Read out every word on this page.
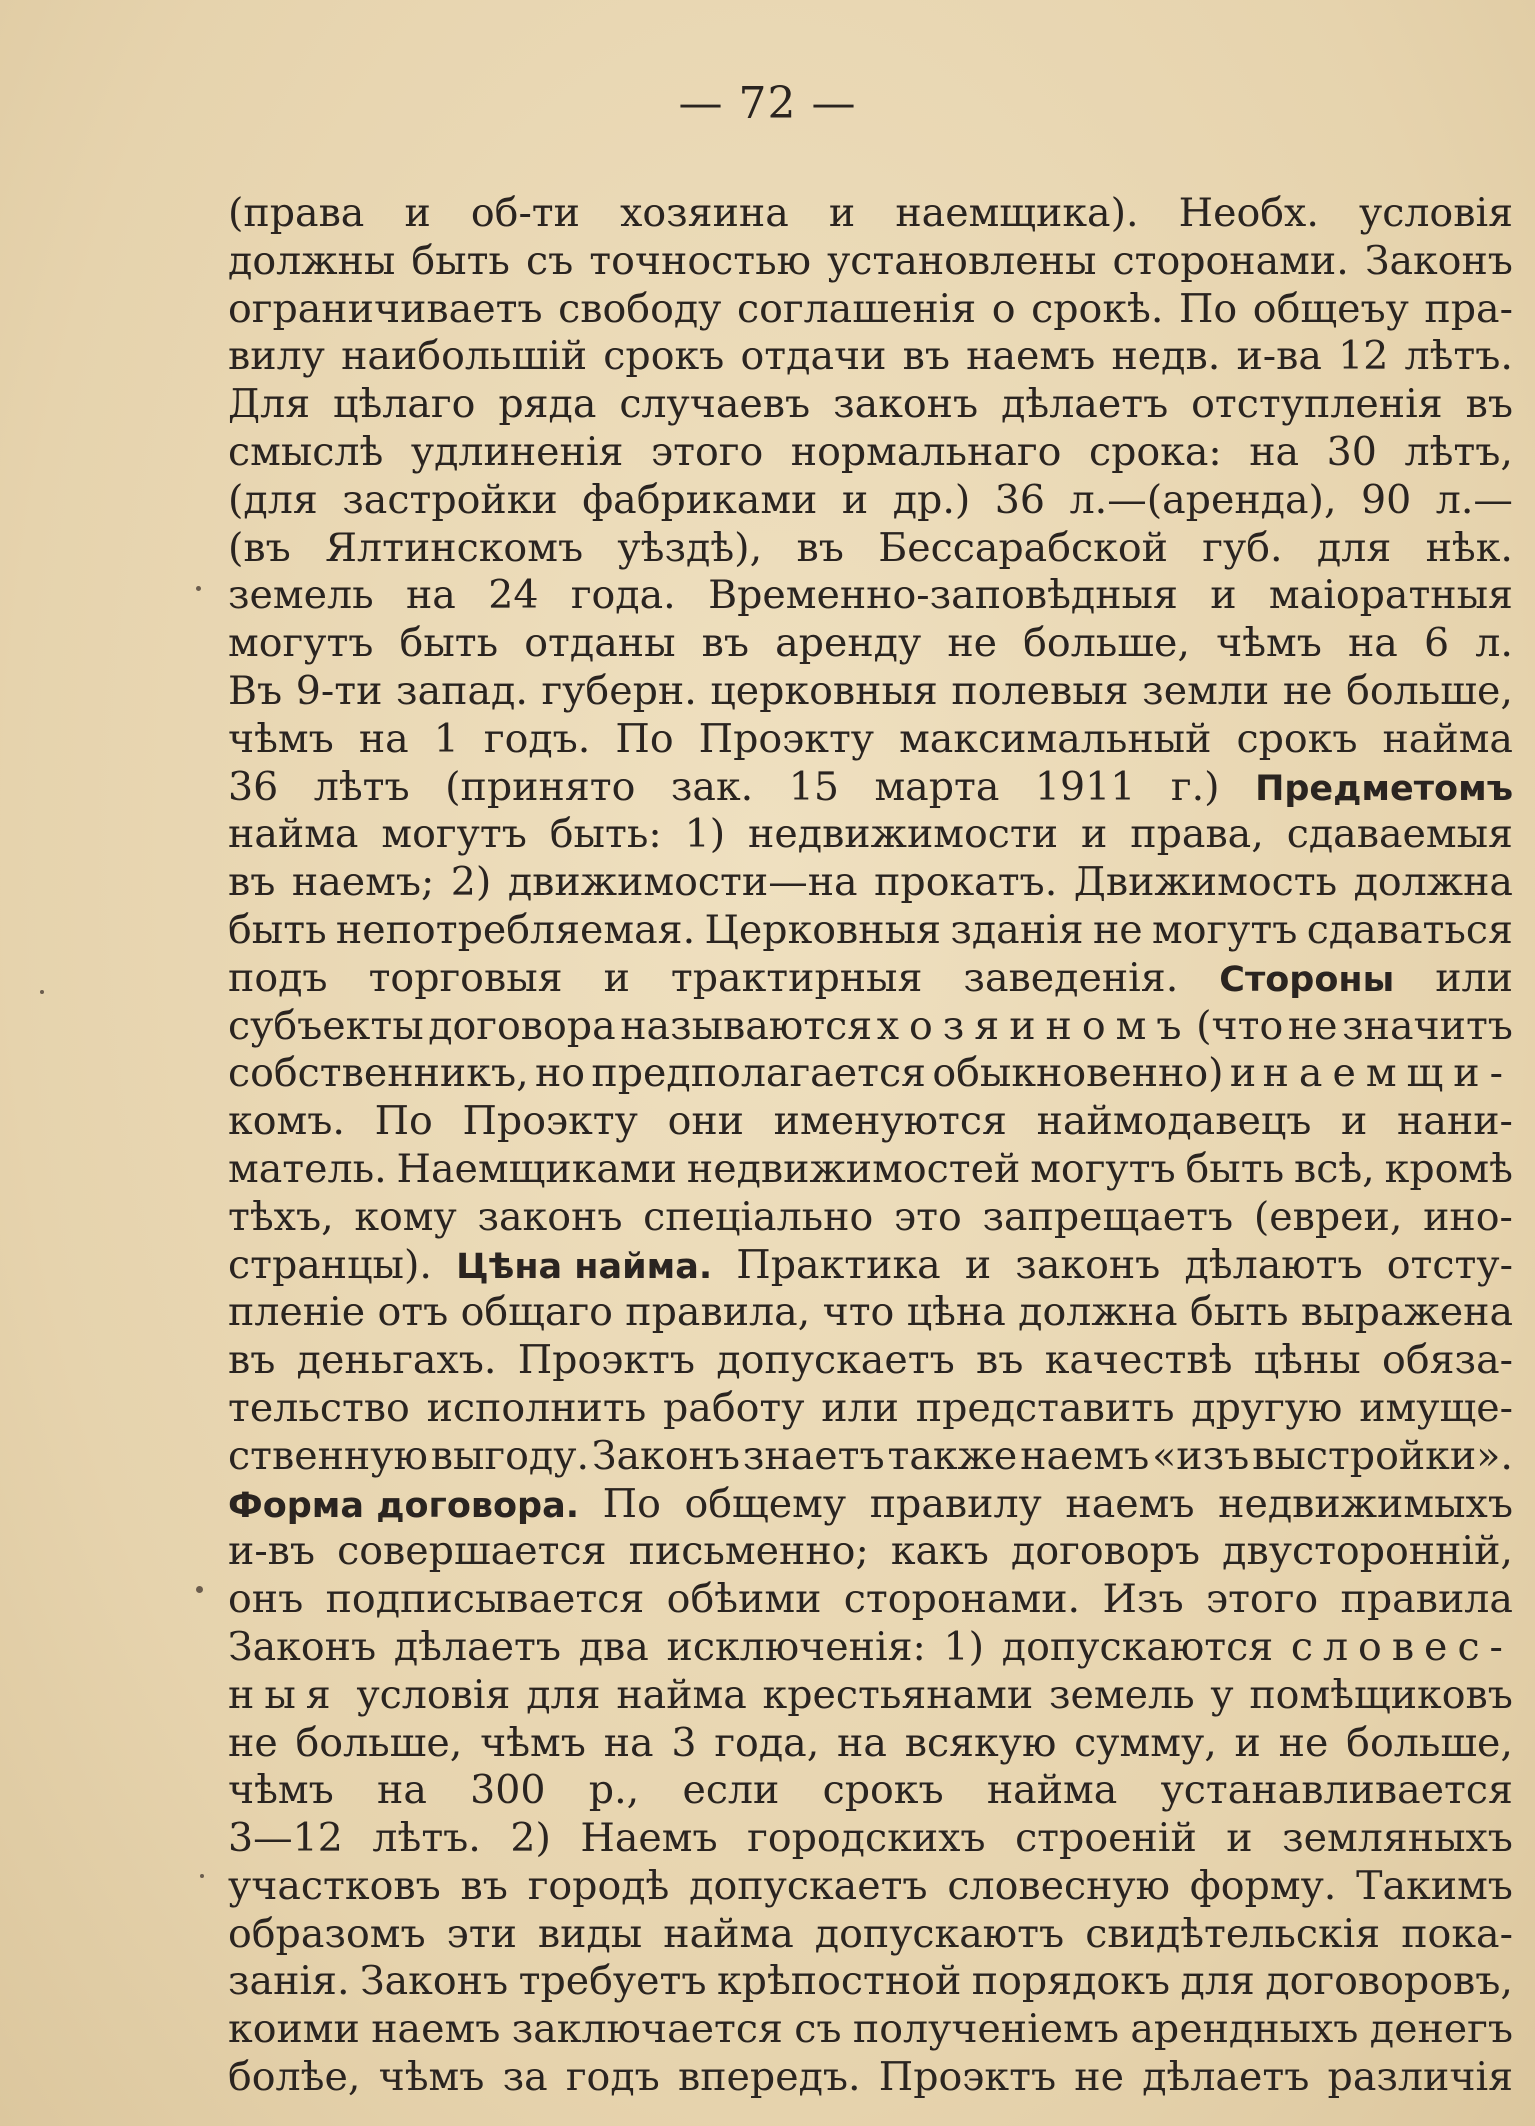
— 72 —
(права и об-ти хозяина и наемщика). Необх. условія
должны быть съ точностью установлены сторонами. Законъ
ограничиваетъ свободу соглашенія о срокѣ. По общеъу пра-
вилу наибольшій срокъ отдачи въ наемъ недв. и-ва 12 лѣтъ.
Для цѣлаго ряда случаевъ законъ дѣлаетъ отступленія въ
смыслѣ удлиненія этого нормальнаго срока: на 30 лѣтъ,
(для застройки фабриками и др.) 36 л.—(аренда), 90 л.—
(въ Ялтинскомъ уѣздѣ), въ Бессарабской губ. для нѣк.
земель на 24 года. Временно-заповѣдныя и маіоратныя
могутъ быть отданы въ аренду не больше, чѣмъ на 6 л.
Въ 9-ти запад. губерн. церковныя полевыя земли не больше,
чѣмъ на 1 годъ. По Проэкту максимальный срокъ найма
36 лѣтъ (принято зак. 15 марта 1911 г.) Предметомъ
найма могутъ быть: 1) недвижимости и права, сдаваемыя
въ наемъ; 2) движимости—на прокатъ. Движимость должна
быть непотребляемая. Церковныя зданія не могутъ сдаваться
подъ торговыя и трактирныя заведенія. Стороны или
субъекты договора называются хозяиномъ (что не значитъ
собственникъ, но предполагается обыкновенно) и наемщи-
комъ. По Проэкту они именуются наймодавецъ и нани-
матель. Наемщиками недвижимостей могутъ быть всѣ, кромѣ
тѣхъ, кому законъ спеціально это запрещаетъ (евреи, ино-
странцы). Цѣна найма. Практика и законъ дѣлаютъ отсту-
пленіе отъ общаго правила, что цѣна должна быть выражена
въ деньгахъ. Проэктъ допускаетъ въ качествѣ цѣны обяза-
тельство исполнить работу или представить другую имуще-
ственную выгоду. Законъ знаетъ также наемъ «изъ выстройки».
Форма договора. По общему правилу наемъ недвижимыхъ
и-въ совершается письменно; какъ договоръ двусторонній,
онъ подписывается обѣими сторонами. Изъ этого правила
Законъ дѣлаетъ два исключенія: 1) допускаются словес-
ныя условія для найма крестьянами земель у помѣщиковъ
не больше, чѣмъ на 3 года, на всякую сумму, и не больше,
чѣмъ на 300 р., если срокъ найма устанавливается
3—12 лѣтъ. 2) Наемъ городскихъ строеній и земляныхъ
участковъ въ городѣ допускаетъ словесную форму. Такимъ
образомъ эти виды найма допускаютъ свидѣтельскія пока-
занія. Законъ требуетъ крѣпостной порядокъ для договоровъ,
коими наемъ заключается съ полученіемъ арендныхъ денегъ
болѣе, чѣмъ за годъ впередъ. Проэктъ не дѣлаетъ различія
